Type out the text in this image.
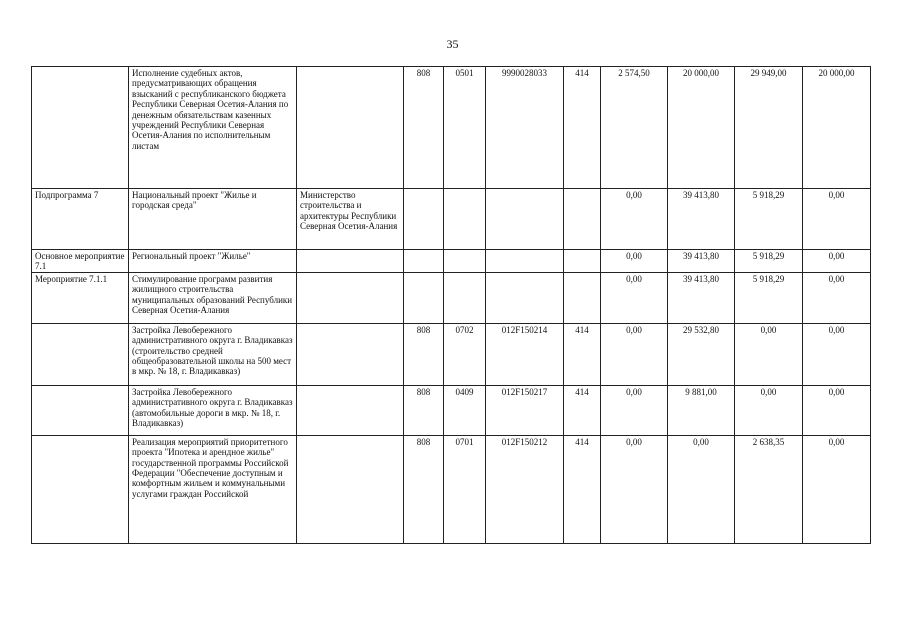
35
	Исполнение судебных актов, предусматривающих обращения взысканий с республиканского бюджета Республики Северная Осетия-Алания по денежным обязательствам казенных учреждений Республики Северная Осетия-Алания по исполнительным листам		808	0501	9990028033	414	2 574,50	20 000,00	29 949,00	20 000,00
Подпрограмма 7	Национальный проект "Жилье и городская среда"	Министерство строительства и архитектуры Республики Северная Осетия-Алания					0,00	39 413,80	5 918,29	0,00
Основное мероприятие 7.1	Региональный проект "Жилье"						0,00	39 413,80	5 918,29	0,00
Мероприятие 7.1.1	Стимулирование программ развития жилищного строительства муниципальных образований Республики Северная Осетия-Алания						0,00	39 413,80	5 918,29	0,00
	Застройка Левобережного административного округа г. Владикавказ (строительство средней общеобразовательной школы на 500 мест в мкр. № 18, г. Владикавказ)		808	0702	012F150214	414	0,00	29 532,80	0,00	0,00
	Застройка Левобережного административного округа г. Владикавказ (автомобильные дороги в мкр. № 18, г. Владикавказ)		808	0409	012F150217	414	0,00	9 881,00	0,00	0,00
	Реализация мероприятий приоритетного проекта "Ипотека и арендное жилье" государственной программы Российской Федерации "Обеспечение доступным и комфортным жильем и коммунальными услугами граждан Российской		808	0701	012F150212	414	0,00	0,00	2 638,35	0,00
